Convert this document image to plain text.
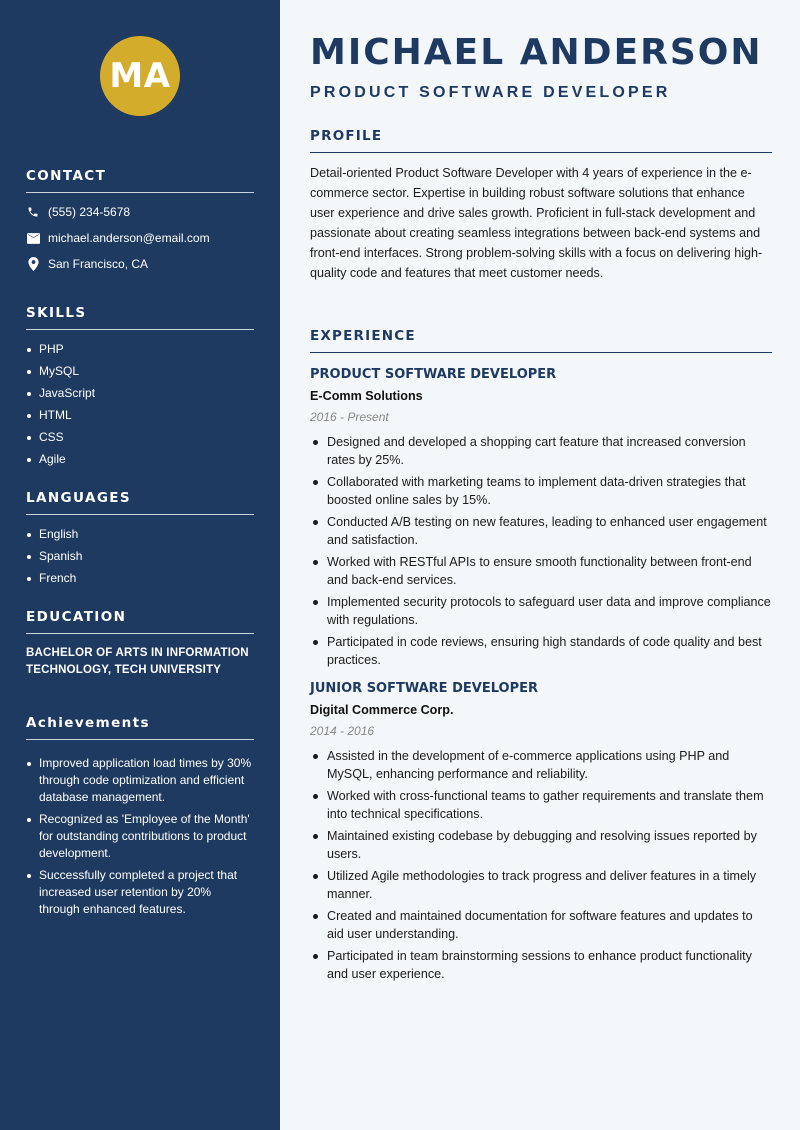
MA
CONTACT
(555) 234-5678
michael.anderson@email.com
San Francisco, CA
SKILLS
PHP
MySQL
JavaScript
HTML
CSS
Agile
LANGUAGES
English
Spanish
French
EDUCATION
BACHELOR OF ARTS IN INFORMATION TECHNOLOGY, TECH UNIVERSITY
Achievements
Improved application load times by 30% through code optimization and efficient database management.
Recognized as 'Employee of the Month' for outstanding contributions to product development.
Successfully completed a project that increased user retention by 20% through enhanced features.
MICHAEL ANDERSON
PRODUCT SOFTWARE DEVELOPER
PROFILE

Detail-oriented Product Software Developer with 4 years of experience in the e-commerce sector. Expertise in building robust software solutions that enhance user experience and drive sales growth. Proficient in full-stack development and passionate about creating seamless integrations between back-end systems and front-end interfaces. Strong problem-solving skills with a focus on delivering high-quality code and features that meet customer needs.

EXPERIENCE
PRODUCT SOFTWARE DEVELOPER
E-Comm Solutions
2016 - Present
Designed and developed a shopping cart feature that increased conversion rates by 25%.
Collaborated with marketing teams to implement data-driven strategies that boosted online sales by 15%.
Conducted A/B testing on new features, leading to enhanced user engagement and satisfaction.
Worked with RESTful APIs to ensure smooth functionality between front-end and back-end services.
Implemented security protocols to safeguard user data and improve compliance with regulations.
Participated in code reviews, ensuring high standards of code quality and best practices.
JUNIOR SOFTWARE DEVELOPER
Digital Commerce Corp.
2014 - 2016
Assisted in the development of e-commerce applications using PHP and MySQL, enhancing performance and reliability.
Worked with cross-functional teams to gather requirements and translate them into technical specifications.
Maintained existing codebase by debugging and resolving issues reported by users.
Utilized Agile methodologies to track progress and deliver features in a timely manner.
Created and maintained documentation for software features and updates to aid user understanding.
Participated in team brainstorming sessions to enhance product functionality and user experience.
